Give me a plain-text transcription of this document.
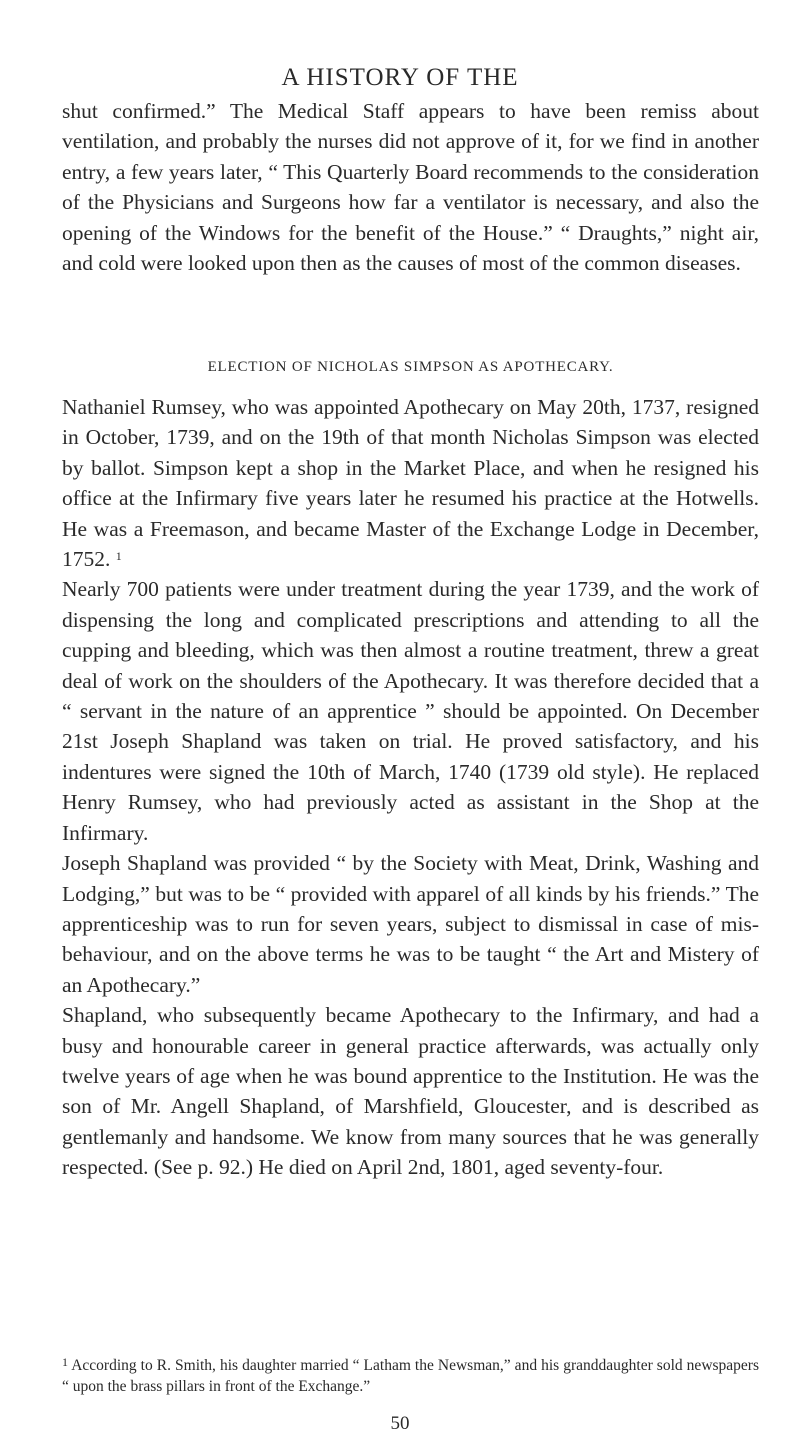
A HISTORY OF THE

shut confirmed.” The Medical Staff appears to have been remiss about ventilation, and probably the nurses did not approve of it, for we find in another entry, a few years later, “ This Quarterly Board recommends to the consideration of the Physicians and Surgeons how far a ventilator is necessary, and also the opening of the Windows for the benefit of the House.” “ Draughts,” night air, and cold were looked upon then as the causes of most of the common diseases.

ELECTION OF NICHOLAS SIMPSON AS APOTHECARY.

Nathaniel Rumsey, who was appointed Apothecary on May 20th, 1737, resigned in October, 1739, and on the 19th of that month Nicholas Simpson was elected by ballot. Simpson kept a shop in the Market Place, and when he resigned his office at the Infirmary five years later he resumed his practice at the Hotwells. He was a Freemason, and became Master of the Exchange Lodge in December, 1752. $^1$

Nearly 700 patients were under treatment during the year 1739, and the work of dispensing the long and complicated prescriptions and attending to all the cupping and bleeding, which was then almost a routine treatment, threw a great deal of work on the shoulders of the Apothecary. It was therefore decided that a “ servant in the nature of an apprentice ” should be appointed. On December 21st Joseph Shapland was taken on trial. He proved satisfactory, and his indentures were signed the 10th of March, 1740 (1739 old style). He replaced Henry Rumsey, who had previously acted as assistant in the Shop at the Infirmary.

Joseph Shapland was provided “ by the Society with Meat, Drink, Washing and Lodging,” but was to be “ provided with apparel of all kinds by his friends.” The apprenticeship was to run for seven years, subject to dismissal in case of mis-behaviour, and on the above terms he was to be taught “ the Art and Mistery of an Apothecary.”

Shapland, who subsequently became Apothecary to the Infirmary, and had a busy and honourable career in general practice afterwards, was actually only twelve years of age when he was bound apprentice to the Institution. He was the son of Mr. Angell Shapland, of Marshfield, Gloucester, and is described as gentlemanly and handsome. We know from many sources that he was generally respected. (See p. 92.) He died on April 2nd, 1801, aged seventy-four.

$^1$ According to R. Smith, his daughter married “ Latham the Newsman,” and his granddaughter sold newspapers “ upon the brass pillars in front of the Exchange.”

50
